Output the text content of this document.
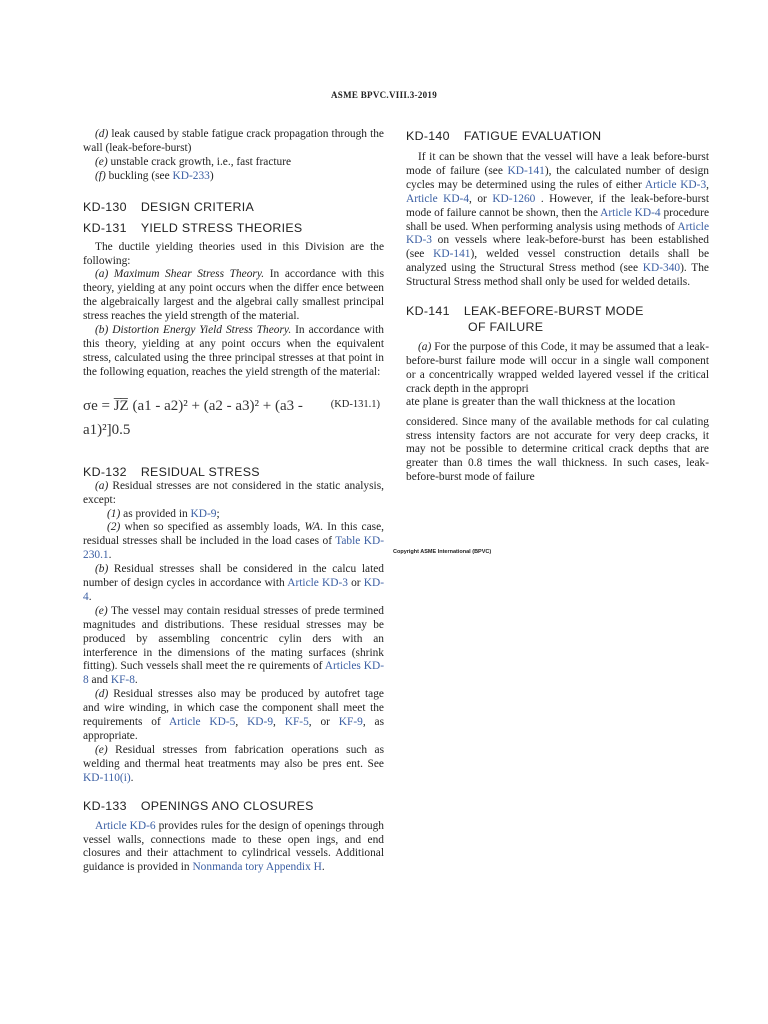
ASME BPVC.VIII.3-2019

(d) leak caused by stable fatigue crack propagation through the wall (leak-before-burst)

(e) unstable crack growth, i.e., fast fracture

(f) buckling (see KD-233)

KD-130 DESIGN CRITERIA
KD-131 YIELD STRESS THEORIES

The ductile yielding theories used in this Division are the following:

(a) Maximum Shear Stress Theory. In accordance with this theory, yielding at any point occurs when the differ ence between the algebraically largest and the algebrai cally smallest principal stress reaches the yield strength of the material.

(b) Distortion Energy Yield Stress Theory. In accordance with this theory, yielding at any point occurs when the equivalent stress, calculated using the three principal stresses at that point in the following equation, reaches the yield strength of the material:

σe = J̅Z̅ (a1 - a2)² + (a2 - a3)² + (a3 -
a1)²]0.5
(KD-131.1)
KD-132 RESIDUAL STRESS

(a) Residual stresses are not considered in the static analysis, except:

(1) as provided in KD-9;

(2) when so specified as assembly loads, WA. In this case, residual stresses shall be included in the load cases of Table KD-230.1.

(b) Residual stresses shall be considered in the calcu lated number of design cycles in accordance with Article KD-3 or KD-4.

(e) The vessel may contain residual stresses of prede termined magnitudes and distributions. These residual stresses may be produced by assembling concentric cylin ders with an interference in the dimensions of the mating surfaces (shrink fitting). Such vessels shall meet the re quirements of Articles KD-8 and KF-8.

(d) Residual stresses also may be produced by autofret tage and wire winding, in which case the component shall meet the requirements of Article KD-5, KD-9, KF-5, or KF-9, as appropriate.

(e) Residual stresses from fabrication operations such as welding and thermal heat treatments may also be pres ent. See KD-110(i).

KD-133 OPENINGS ANO CLOSURES

Article KD-6 provides rules for the design of openings through vessel walls, connections made to these open ings, and end closures and their attachment to cylindrical vessels. Additional guidance is provided in Nonmanda tory Appendix H.

KD-140 FATIGUE EVALUATION

If it can be shown that the vessel will have a leak before-burst mode of failure (see KD-141), the calculated number of design cycles may be determined using the rules of either Article KD-3, Article KD-4, or KD-1260 . However, if the leak-before-burst mode of failure cannot be shown, then the Article KD-4 procedure shall be used. When performing analysis using methods of Article KD-3 on vessels where leak-before-burst has been established (see KD-141), welded vessel construction details shall be analyzed using the Structural Stress method (see KD-340). The Structural Stress method shall only be used for welded details.

KD-141 LEAK-BEFORE-BURST MODE
OF FAILURE

(a) For the purpose of this Code, it may be assumed that a leak-before-burst failure mode will occur in a single wall component or a concentrically wrapped welded layered vessel if the critical crack depth in the appropri

ate plane is greater than the wall thickness at the location

considered. Since many of the available methods for cal culating stress intensity factors are not accurate for very deep cracks, it may not be possible to determine critical crack depths that are greater than 0.8 times the wall thickness. In such cases, leak-before-burst mode of failure

Copyright ASME International (BPVC)
